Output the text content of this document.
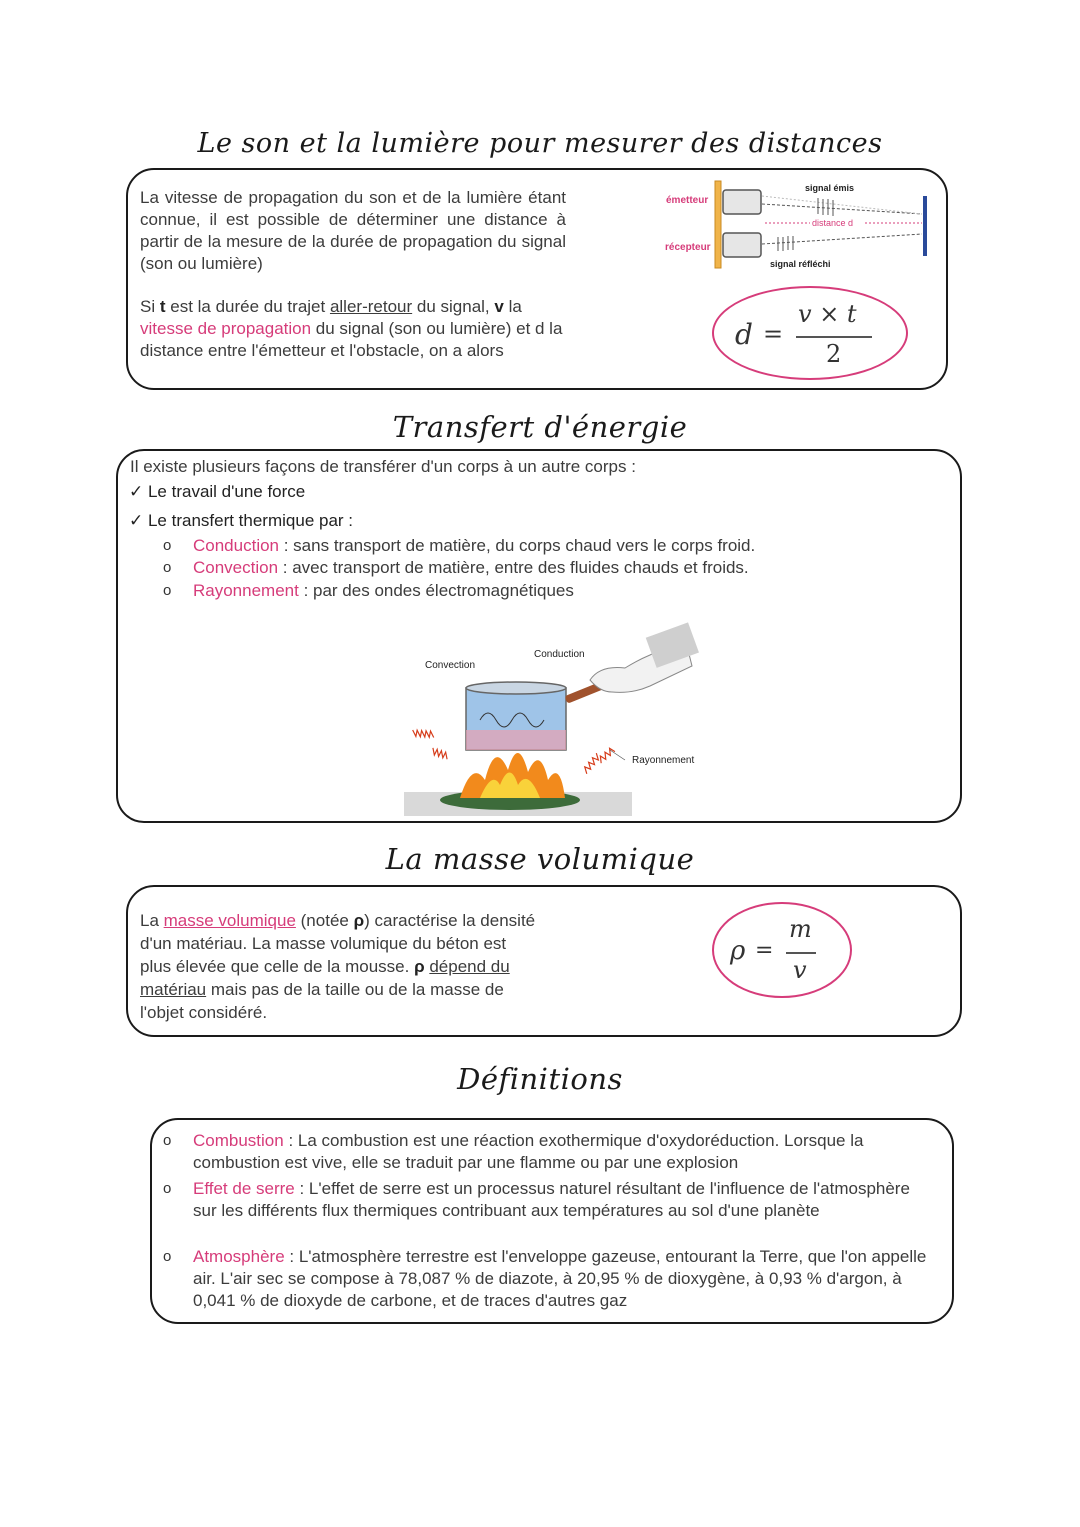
Le son et la lumière pour mesurer des distances
La vitesse de propagation du son et de la lumière étant connue, il est possible de déterminer une distance à partir de la mesure de la durée de propagation du signal (son ou lumière)
Si t est la durée du trajet aller-retour du signal, v la vitesse de propagation du signal (son ou lumière) et d la distance entre l'émetteur et l'obstacle, on a alors
émetteur
récepteur
signal émis
distance d
signal réfléchi
d =
v × t
2
Transfert d'énergie
Il existe plusieurs façons de transférer d'un corps à un autre corps :
✓ Le travail d'une force
✓ Le transfert thermique par :
o Conduction : sans transport de matière, du corps chaud vers le corps froid.
o Convection : avec transport de matière, entre des fluides chauds et froids.
o Rayonnement : par des ondes électromagnétiques
Convection
Conduction
Rayonnement
La masse volumique
La masse volumique (notée ρ) caractérise la densité d'un matériau. La masse volumique du béton est plus élevée que celle de la mousse. ρ dépend du matériau mais pas de la taille ou de la masse de l'objet considéré.
ρ =
m
v
Définitions
o Combustion : La combustion est une réaction exothermique d'oxydoréduction. Lorsque la combustion est vive, elle se traduit par une flamme ou par une explosion
o Effet de serre : L'effet de serre est un processus naturel résultant de l'influence de l'atmosphère sur les différents flux thermiques contribuant aux températures au sol d'une planète
o Atmosphère : L'atmosphère terrestre est l'enveloppe gazeuse, entourant la Terre, que l'on appelle air. L'air sec se compose à 78,087 % de diazote, à 20,95 % de dioxygène, à 0,93 % d'argon, à 0,041 % de dioxyde de carbone, et de traces d'autres gaz
